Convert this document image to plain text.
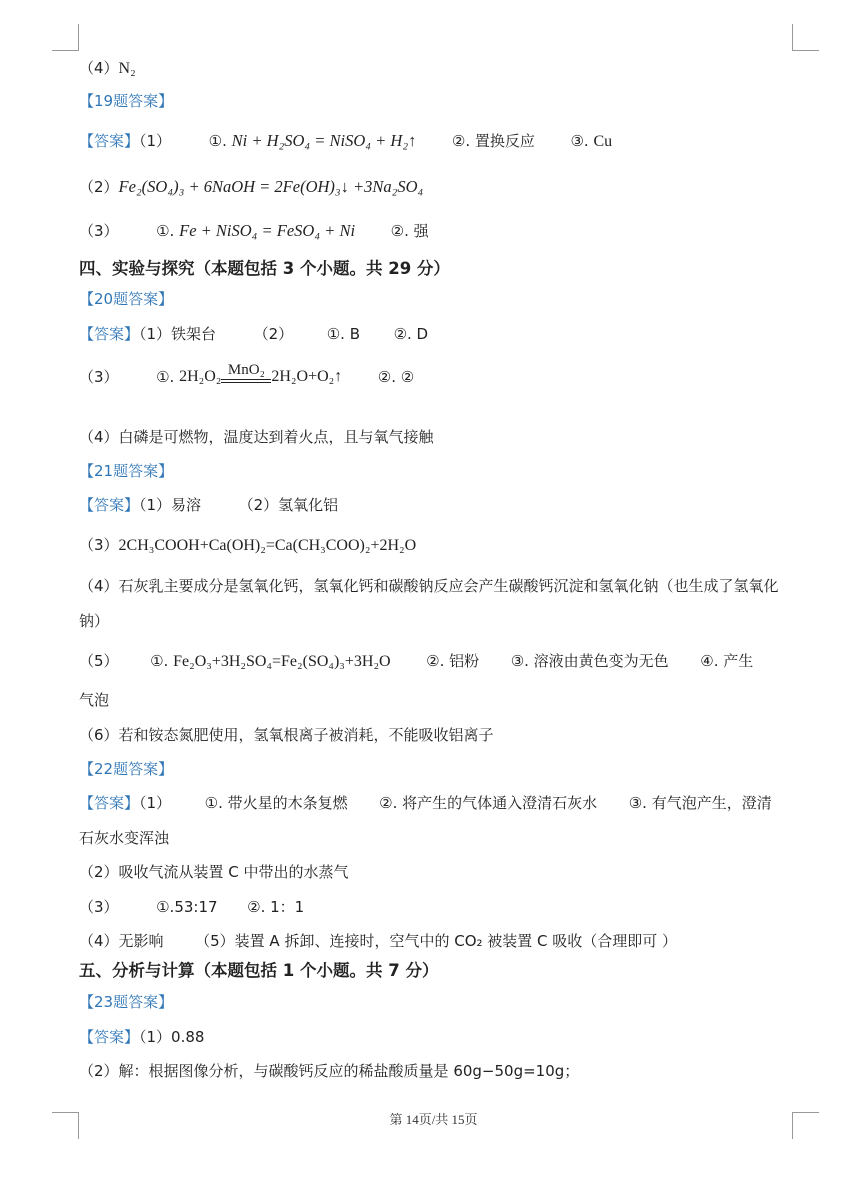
（4）N₂
【19题答案】
【答案】（1）	①. Ni + H₂SO₄ = NiSO₄ + H₂↑ ②. 置换反应 ③. Cu
（2）Fe₂(SO₄)₃ + 6NaOH = 2Fe(OH)₃↓ +3Na₂SO₄
（3）	①. Fe + NiSO₄ = FeSO₄ + Ni ②. 强
四、实验与探究（本题包括 3 个小题。共 29 分）
【20题答案】
【答案】（1）铁架台	（2） ①. B ②. D
（3）	①. 2H₂O₂ MnO₂ 2H₂O+O₂↑ ②. ②
（4）白磷是可燃物，温度达到着火点，且与氧气接触
【21题答案】
【答案】（1）易溶	（2）氢氧化铝
（3）2CH₃COOH+Ca(OH)₂=Ca(CH₃COO)₂+2H₂O
（4）石灰乳主要成分是氢氧化钙，氢氧化钙和碳酸钠反应会产生碳酸钙沉淀和氢氧化钠（也生成了氢氧化
钠）
（5） ①. Fe₂O₃+3H₂SO₄=Fe₂(SO₄)₃+3H₂O ②. 铝粉 ③. 溶液由黄色变为无色 ④. 产生
气泡
（6）若和铵态氮肥使用，氢氧根离子被消耗，不能吸收铝离子
【22题答案】
【答案】（1） ①. 带火星的木条复燃 ②. 将产生的气体通入澄清石灰水 ③. 有气泡产生，澄清
石灰水变浑浊
（2）吸收气流从装置 C 中带出的水蒸气
（3）	①.53:17 ②. 1：1
（4）无影响 （5）装置 A 拆卸、连接时，空气中的 CO₂ 被装置 C 吸收（合理即可 ）
五、分析与计算（本题包括 1 个小题。共 7 分）
【23题答案】
【答案】（1）0.88
（2）解：根据图像分析，与碳酸钙反应的稀盐酸质量是 60g−50g=10g；
第 14页/共 15页
